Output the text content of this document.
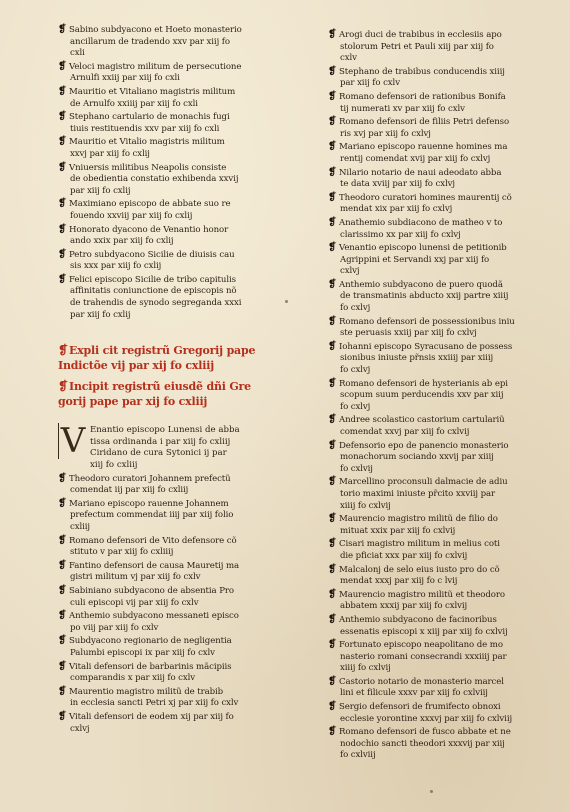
❡ Sabino subdyacono et Hoeto monasterio
ancillarum de tradendo xxv par xiij fo
cxli

❡ Veloci magistro militum de persecutione
Arnulfi xxiij par xiij fo cxli

❡ Mauritio et Vitaliano magistris militum
de Arnulfo xxiiij par xiij fo cxli

❡ Stephano cartulario de monachis fugi
tiuis restituendis xxv par xiij fo cxli

❡ Mauritio et Vitalio magistris militum
xxvj par xiij fo cxlij

❡ Vniuersis militibus Neapolis consiste
de obedientia constatio exhibenda xxvij
par xiij fo cxlij

❡ Maximiano episcopo de abbate suo re
fouendo xxviij par xiij fo cxlij

❡ Honorato dyacono de Venantio honor
ando xxix par xiij fo cxlij

❡ Petro subdyacono Sicilie de diuisis cau
sis xxx par xiij fo cxlij

❡ Felici episcopo Sicilie de tribo capitulis
affinitatis coniunctione de episcopis nõ
de trahendis de synodo segreganda xxxi
par xiij fo cxlij

❡Expli cit registrũ Gregorij pape
Indictõe vij par xij fo cxliij
❡Incipit registrũ eiusdẽ dñi Gre
gorij pape par xij fo cxliij
V Enantio episcopo Lunensi de abba
tissa ordinanda i par xiij fo cxliij
Ciridano de cura Sytonici ij par
xiij fo cxliij

❡ Theodoro curatori Johannem prefectũ
comendat iij par xiij fo cxliij

❡ Mariano episcopo rauenne Johannem
prefectum commendat iiij par xiij folio
cxliij

❡ Romano defensori de Vito defensore cõ
stituto v par xiij fo cxliiij

❡ Fantino defensori de causa Mauretij ma
gistri militum vj par xiij fo cxlv

❡ Sabiniano subdyacono de absentia Pro
culi episcopi vij par xiij fo cxlv

❡ Anthemio subdyacono messaneti episco
po viij par xiij fo cxlv

❡ Subdyacono regionario de negligentia
Palumbi episcopi ix par xiij fo cxlv

❡ Vitali defensori de barbarinis mãcipiis
comparandis x par xiij fo cxlv

❡ Maurentio magistro militũ de trabib
in ecclesia sancti Petri xj par xiij fo cxlv

❡ Vitali defensori de eodem xij par xiij fo
cxlvj

❡ Arogi duci de trabibus in ecclesiis apo
stolorum Petri et Pauli xiij par xiij fo
cxlv

❡ Stephano de trabibus conducendis xiiij
par xiij fo cxlv

❡ Romano defensori de rationibus Bonifa
tij numerati xv par xiij fo cxlv

❡ Romano defensori de filiis Petri defenso
ris xvj par xiij fo cxlvj

❡ Mariano episcopo rauenne homines ma
rentij comendat xvij par xiij fo cxlvj

❡ Nilario notario de naui adeodato abba
te data xviij par xiij fo cxlvj

❡ Theodoro curatori homines maurentij cõ
mendat xix par xiij fo cxlvj

❡ Anathemio subdiacono de matheo v to
clarissimo xx par xiij fo cxlvj

❡ Venantio episcopo lunensi de petitionib
Agrippini et Servandi xxj par xiij fo
cxlvj

❡ Anthemio subdyacono de puero quodã
de transmatinis abducto xxij partre xiiij
fo cxlvj

❡ Romano defensori de possessionibus iniu
ste peruasis xxiij par xiij fo cxlvj

❡ Iohanni episcopo Syracusano de possess
sionibus iniuste pr̃nsis xxiiij par xiiij
fo cxlvj

❡ Romano defensori de hysterianis ab epi
scopum suum perducendis xxv par xiij
fo cxlvj

❡ Andree scolastico castorium cartulariũ
comendat xxvj par xiij fo cxlvij

❡ Defensorio epo de panencio monasterio
monachorum sociando xxvij par xiiij
fo cxlvij

❡ Marcellino proconsuli dalmacie de adiu
torio maximi iniuste pr̃cito xxviij par
xiiij fo cxlvij

❡ Maurencio magistro militũ de filio do
mituat xxix par xiij fo cxlvij

❡ Cisari magistro militum in melius coti
die pficiat xxx par xiij fo cxlvij

❡ Malcalonj de selo eius iusto pro do cõ
mendat xxxj par xiij fo c lvij

❡ Maurencio magistro militũ et theodoro
abbatem xxxij par xiij fo cxlvij

❡ Anthemio subdyacono de facinoribus
essenatis episcopi x xiij par xiij fo cxlvij

❡ Fortunato episcopo neapolitano de mo
nasterio romani consecrandi xxxiiij par
xiiij fo cxlvij

❡ Castorio notario de monasterio marcel
lini et filicule xxxv par xiij fo cxlviij

❡ Sergio defensori de frumifecto obnoxi
ecclesie yorontine xxxvj par xiij fo cxlviij

❡ Romano defensori de fusco abbate et ne
nodochio sancti theodori xxxvij par xiij
fo cxlviij
